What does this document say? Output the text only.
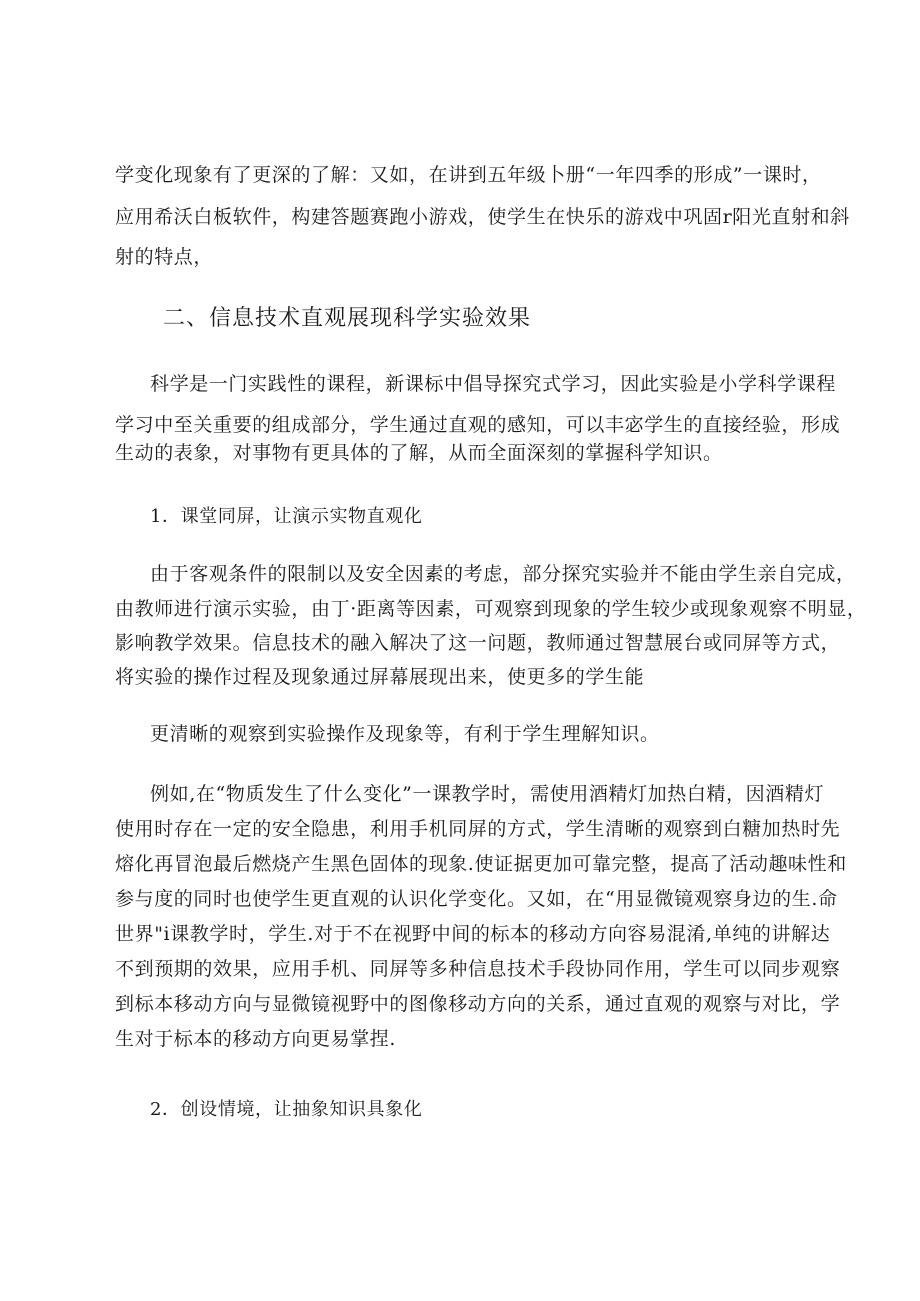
学变化现象有了更深的了解：又如，在讲到五年级卜册“一年四季的形成”一课时，
应用希沃白板软件，构建答题赛跑小游戏，使学生在快乐的游戏中巩固r阳光直射和斜
射的特点，
二、信息技术直观展现科学实验效果
科学是一门实践性的课程，新课标中倡导探究式学习，因此实验是小学科学课程
学习中至关重要的组成部分，学生通过直观的感知，可以丰宓学生的直接经验，形成
生动的表象，对事物有更具体的了解，从而全面深刻的掌握科学知识。
1．课堂同屏，让演示实物直观化
由于客观条件的限制以及安全因素的考虑，部分探究实验并不能由学生亲自完成，
由教师进行演示实验，由丁·距离等因素，可观察到现象的学生较少或现象观察不明显，
影响教学效果。信息技术的融入解决了这一问题，教师通过智慧展台或同屏等方式，
将实验的操作过程及现象通过屏幕展现出来，使更多的学生能
更清晰的观察到实验操作及现象等，有利于学生理解知识。
例如,在“物质发生了什么变化”一课教学时，需使用酒精灯加热白精，因酒精灯
使用时存在一定的安全隐患，利用手机同屏的方式，学生清晰的观察到白糖加热时先
熔化再冒泡最后燃烧产生黑色固体的现象.使证据更加可靠完整，提高了活动趣味性和
参与度的同时也使学生更直观的认识化学变化。又如，在“用显微镜观察身边的生.命
世界"i课教学时，学生.对于不在视野中间的标本的移动方向容易混淆,单纯的讲解达
不到预期的效果，应用手机、同屏等多种信息技术手段协同作用，学生可以同步观察
到标本移动方向与显微镜视野中的图像移动方向的关系，通过直观的观察与对比，学
生对于标本的移动方向更易掌捏.
2．创设情境，让抽象知识具象化
